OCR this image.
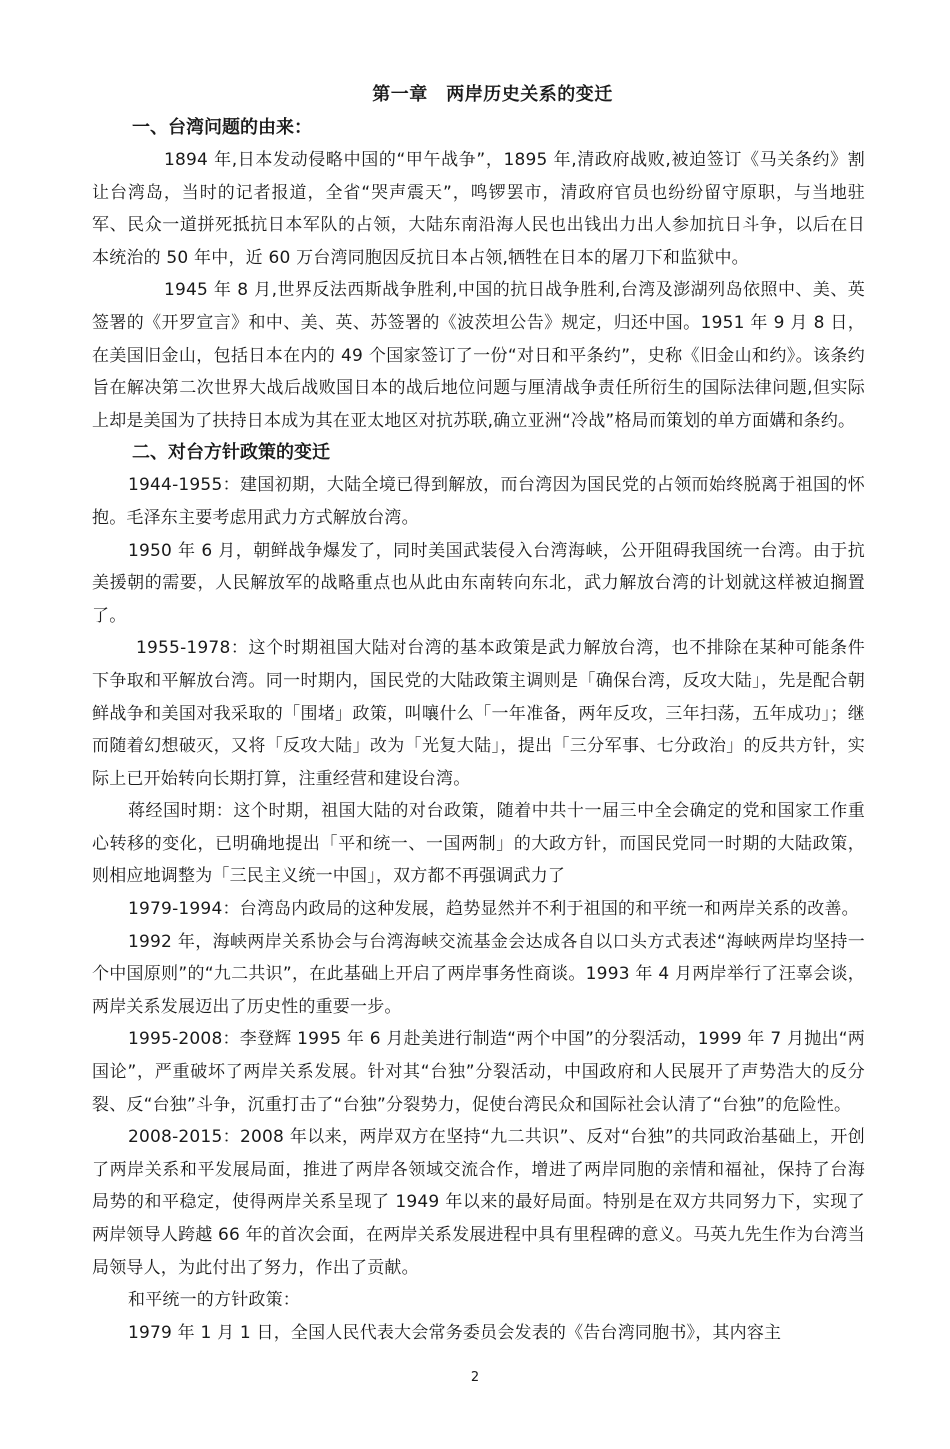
第一章　两岸历史关系的变迁
一、台湾问题的由来：

1894 年,日本发动侵略中国的“甲午战争”，1895 年,清政府战败,被迫签订《马关条约》割让台湾岛，当时的记者报道，全省“哭声震天”，鸣锣罢市，清政府官员也纷纷留守原职，与当地驻军、民众一道拼死抵抗日本军队的占领，大陆东南沿海人民也出钱出力出人参加抗日斗争，以后在日本统治的 50 年中，近 60 万台湾同胞因反抗日本占领,牺牲在日本的屠刀下和监狱中。

1945 年 8 月,世界反法西斯战争胜利,中国的抗日战争胜利,台湾及澎湖列岛依照中、美、英签署的《开罗宣言》和中、美、英、苏签署的《波茨坦公告》规定，归还中国。1951 年 9 月 8 日，在美国旧金山，包括日本在内的 49 个国家签订了一份“对日和平条约”，史称《旧金山和约》。该条约旨在解决第二次世界大战后战败国日本的战后地位问题与厘清战争责任所衍生的国际法律问题,但实际上却是美国为了扶持日本成为其在亚太地区对抗苏联,确立亚洲“冷战”格局而策划的单方面媾和条约。

二、对台方针政策的变迁

1944-1955：建国初期，大陆全境已得到解放，而台湾因为国民党的占领而始终脱离于祖国的怀抱。毛泽东主要考虑用武力方式解放台湾。

1950 年 6 月，朝鲜战争爆发了，同时美国武装侵入台湾海峡，公开阻碍我国统一台湾。由于抗美援朝的需要，人民解放军的战略重点也从此由东南转向东北，武力解放台湾的计划就这样被迫搁置了。

1955-1978：这个时期祖国大陆对台湾的基本政策是武力解放台湾，也不排除在某种可能条件下争取和平解放台湾。同一时期内，国民党的大陆政策主调则是「确保台湾，反攻大陆」，先是配合朝鲜战争和美国对我采取的「围堵」政策，叫嚷什么「一年准备，两年反攻，三年扫荡，五年成功」；继而随着幻想破灭，又将「反攻大陆」改为「光复大陆」，提出「三分军事、七分政治」的反共方针，实际上已开始转向长期打算，注重经营和建设台湾。

蒋经国时期：这个时期，祖国大陆的对台政策，随着中共十一届三中全会确定的党和国家工作重心转移的变化，已明确地提出「平和统一、一国两制」的大政方针，而国民党同一时期的大陆政策，则相应地调整为「三民主义统一中国」，双方都不再强调武力了

1979-1994：台湾岛内政局的这种发展，趋势显然并不利于祖国的和平统一和两岸关系的改善。

1992 年，海峡两岸关系协会与台湾海峡交流基金会达成各自以口头方式表述“海峡两岸均坚持一个中国原则”的“九二共识”，在此基础上开启了两岸事务性商谈。1993 年 4 月两岸举行了汪辜会谈，两岸关系发展迈出了历史性的重要一步。

1995-2008：李登辉 1995 年 6 月赴美进行制造“两个中国”的分裂活动，1999 年 7 月抛出“两国论”，严重破坏了两岸关系发展。针对其“台独”分裂活动，中国政府和人民展开了声势浩大的反分裂、反“台独”斗争，沉重打击了“台独”分裂势力，促使台湾民众和国际社会认清了“台独”的危险性。

2008-2015：2008 年以来，两岸双方在坚持“九二共识”、反对“台独”的共同政治基础上，开创了两岸关系和平发展局面，推进了两岸各领域交流合作，增进了两岸同胞的亲情和福祉，保持了台海局势的和平稳定，使得两岸关系呈现了 1949 年以来的最好局面。特别是在双方共同努力下，实现了两岸领导人跨越 66 年的首次会面，在两岸关系发展进程中具有里程碑的意义。马英九先生作为台湾当局领导人，为此付出了努力，作出了贡献。

和平统一的方针政策：

1979 年 1 月 1 日，全国人民代表大会常务委员会发表的《告台湾同胞书》，其内容主

2
